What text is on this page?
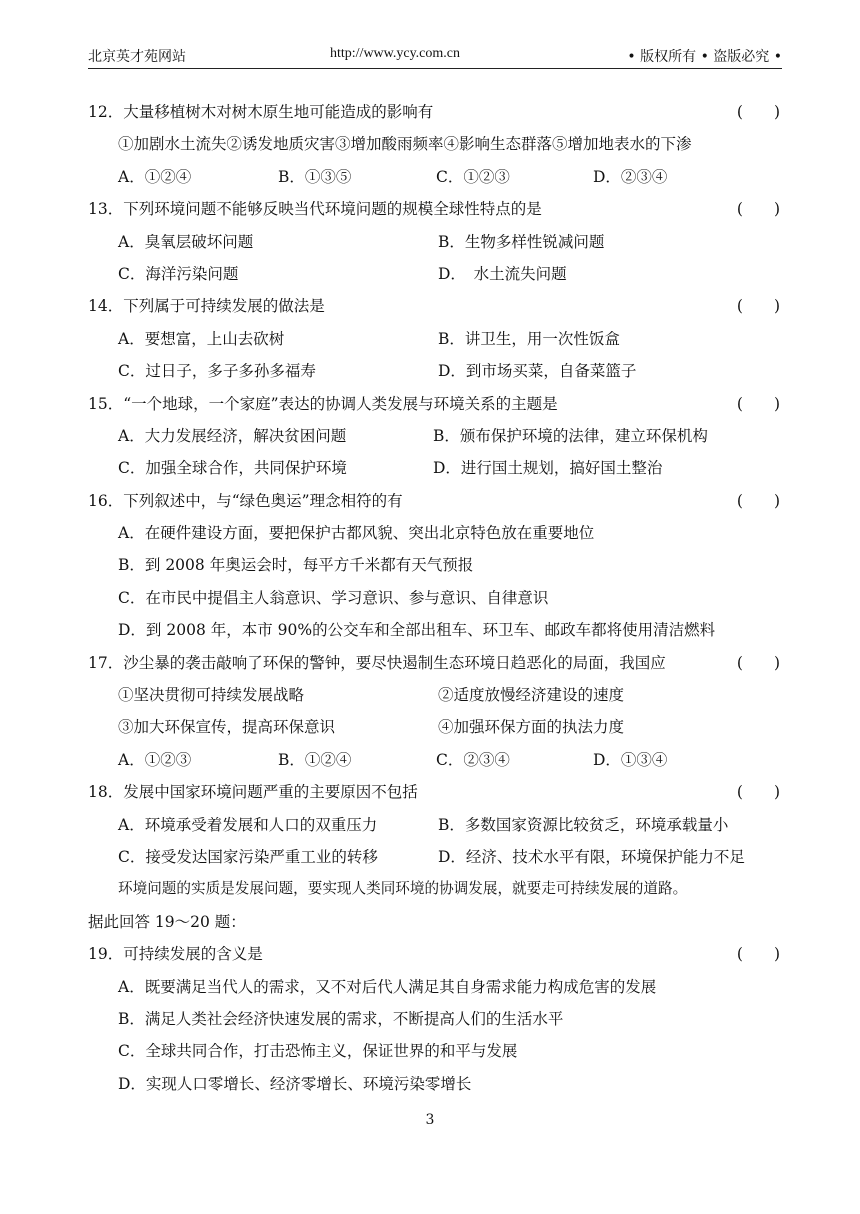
北京英才苑网站	http://www.ycy.com.cn	• 版权所有 • 盗版必究 •
12．大量移植树木对树木原生地可能造成的影响有	(　　)
①加剧水土流失②诱发地质灾害③增加酸雨频率④影响生态群落⑤增加地表水的下渗
A．①②④	B．①③⑤	C．①②③	D．②③④
13．下列环境问题不能够反映当代环境问题的规模全球性特点的是	(　　)
A．臭氧层破坏问题	B．生物多样性锐减问题
C．海洋污染问题	D．　水土流失问题
14．下列属于可持续发展的做法是	(　　)
A．要想富，上山去砍树	B．讲卫生，用一次性饭盒
C．过日子，多子多孙多福寿	D．到市场买菜，自备菜篮子
15．“一个地球，一个家庭”表达的协调人类发展与环境关系的主题是	(　　)
A．大力发展经济，解决贫困问题	B．颁布保护环境的法律，建立环保机构
C．加强全球合作，共同保护环境	D．进行国土规划，搞好国土整治
16．下列叙述中，与“绿色奥运”理念相符的有	(　　)
A．在硬件建设方面，要把保护古都风貌、突出北京特色放在重要地位
B．到 2008 年奥运会时，每平方千米都有天气预报
C．在市民中提倡主人翁意识、学习意识、参与意识、自律意识
D．到 2008 年，本市 90%的公交车和全部出租车、环卫车、邮政车都将使用清洁燃料
17．沙尘暴的袭击敲响了环保的警钟，要尽快遏制生态环境日趋恶化的局面，我国应	(　　)
①坚决贯彻可持续发展战略	②适度放慢经济建设的速度
③加大环保宣传，提高环保意识	④加强环保方面的执法力度
A．①②③	B．①②④	C．②③④	D．①③④
18．发展中国家环境问题严重的主要原因不包括	(　　)
A．环境承受着发展和人口的双重压力	B．多数国家资源比较贫乏，环境承载量小
C．接受发达国家污染严重工业的转移	D．经济、技术水平有限，环境保护能力不足
环境问题的实质是发展问题，要实现人类同环境的协调发展，就要走可持续发展的道路。
据此回答 19～20 题：
19．可持续发展的含义是	(　　)
A．既要满足当代人的需求，又不对后代人满足其自身需求能力构成危害的发展
B．满足人类社会经济快速发展的需求，不断提高人们的生活水平
C．全球共同合作，打击恐怖主义，保证世界的和平与发展
D．实现人口零增长、经济零增长、环境污染零增长
3
